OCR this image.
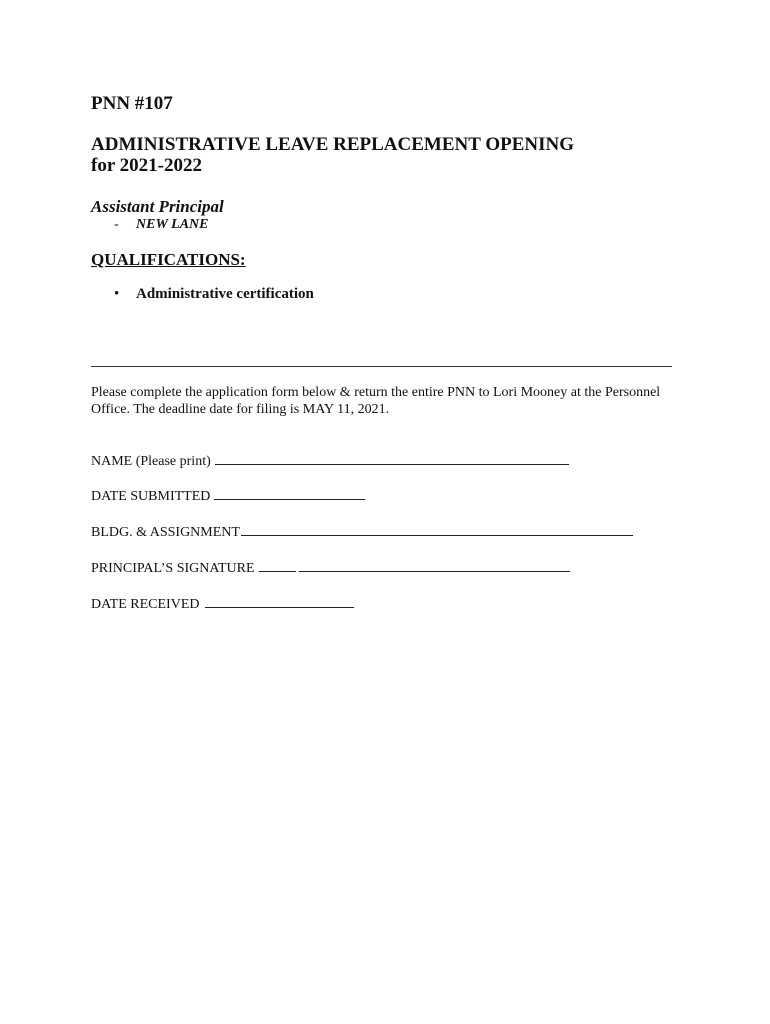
PNN #107
ADMINISTRATIVE LEAVE REPLACEMENT OPENING
for 2021-2022
Assistant Principal
-	NEW LANE
QUALIFICATIONS:
•	Administrative certification

Please complete the application form below & return the entire PNN to Lori Mooney at the Personnel Office. The deadline date for filing is MAY 11, 2021.

NAME (Please print)
DATE SUBMITTED
BLDG. & ASSIGNMENT
PRINCIPAL’S SIGNATURE
DATE RECEIVED
